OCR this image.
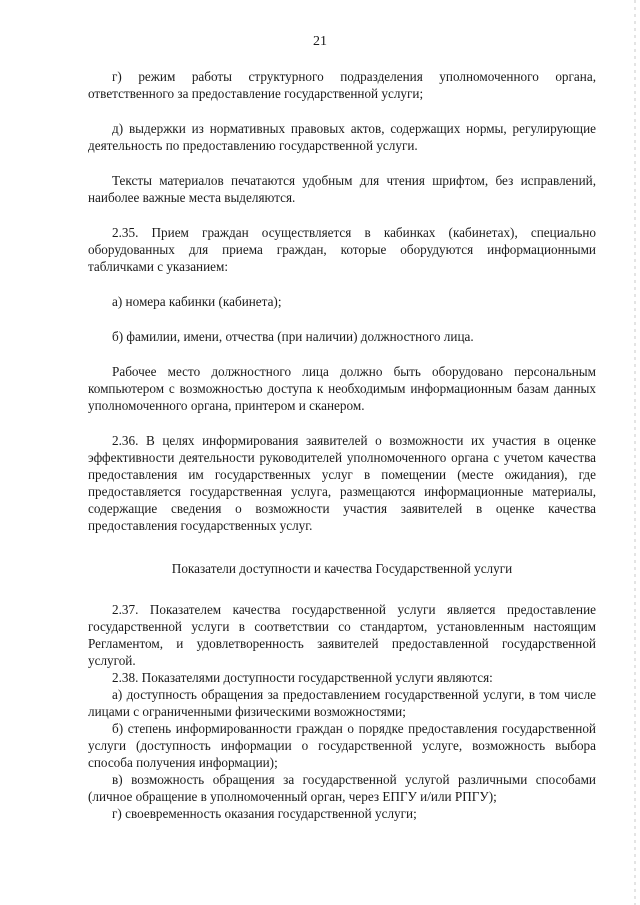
21

г) режим работы структурного подразделения уполномоченного органа, ответственного за предоставление государственной услуги;

д) выдержки из нормативных правовых актов, содержащих нормы, регулирующие деятельность по предоставлению государственной услуги.

Тексты материалов печатаются удобным для чтения шрифтом, без исправлений, наиболее важные места выделяются.

2.35. Прием граждан осуществляется в кабинках (кабинетах), специально оборудованных для приема граждан, которые оборудуются информационными табличками с указанием:

а) номера кабинки (кабинета);

б) фамилии, имени, отчества (при наличии) должностного лица.

Рабочее место должностного лица должно быть оборудовано персональным компьютером с возможностью доступа к необходимым информационным базам данных уполномоченного органа, принтером и сканером.

2.36. В целях информирования заявителей о возможности их участия в оценке эффективности деятельности руководителей уполномоченного органа с учетом качества предоставления им государственных услуг в помещении (месте ожидания), где предоставляется государственная услуга, размещаются информационные материалы, содержащие сведения о возможности участия заявителей в оценке качества предоставления государственных услуг.

Показатели доступности и качества Государственной услуги

2.37. Показателем качества государственной услуги является предоставление государственной услуги в соответствии со стандартом, установленным настоящим Регламентом, и удовлетворенность заявителей предоставленной государственной услугой.

2.38. Показателями доступности государственной услуги являются:

а) доступность обращения за предоставлением государственной услуги, в том числе лицами с ограниченными физическими возможностями;

б) степень информированности граждан о порядке предоставления государственной услуги (доступность информации о государственной услуге, возможность выбора способа получения информации);

в) возможность обращения за государственной услугой различными способами (личное обращение в уполномоченный орган, через ЕПГУ и/или РПГУ);

г) своевременность оказания государственной услуги;
